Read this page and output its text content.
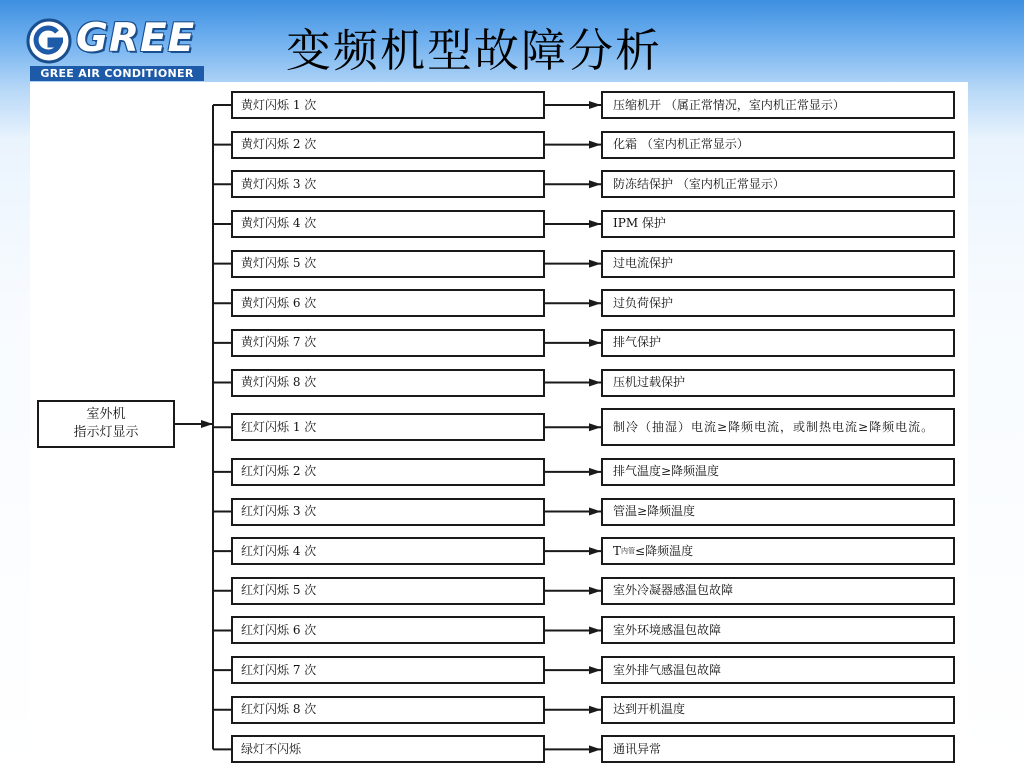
GREE
GREE AIR CONDITIONER 变频机型故障分析
室外机
指示灯显示
黄灯闪烁 1 次	压缩机开 （属正常情况，室内机正常显示）
黄灯闪烁 2 次	化霜 （室内机正常显示）
黄灯闪烁 3 次	防冻结保护 （室内机正常显示）
黄灯闪烁 4 次	IPM 保护
黄灯闪烁 5 次	过电流保护
黄灯闪烁 6 次	过负荷保护
黄灯闪烁 7 次	排气保护
黄灯闪烁 8 次	压机过载保护
红灯闪烁 1 次	制冷（抽湿）电流≥降频电流，或制热电流≥降频电流。
红灯闪烁 2 次	排气温度≥降频温度
红灯闪烁 3 次	管温≥降频温度
红灯闪烁 4 次	T 内管 ≤降频温度
红灯闪烁 5 次	室外冷凝器感温包故障
红灯闪烁 6 次	室外环境感温包故障
红灯闪烁 7 次	室外排气感温包故障
红灯闪烁 8 次	达到开机温度
绿灯不闪烁	通讯异常
